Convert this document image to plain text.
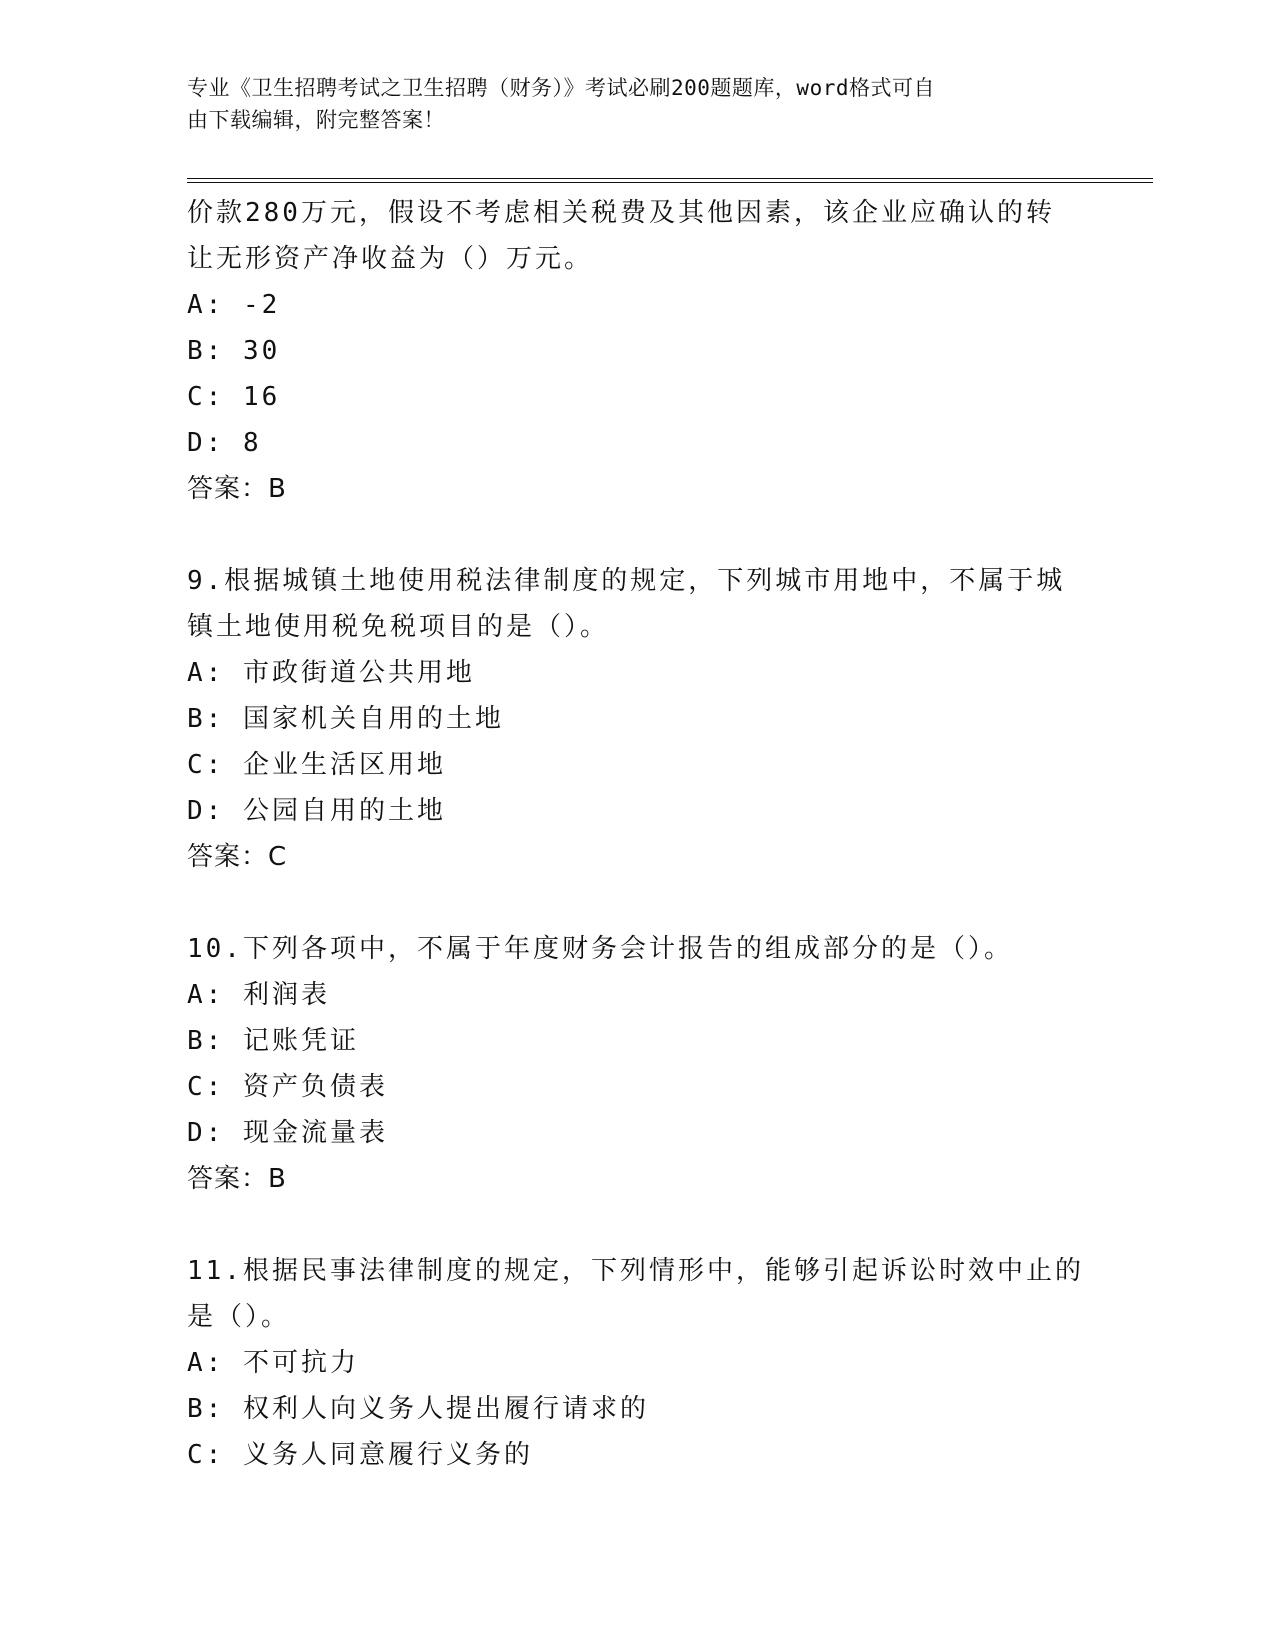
专业《卫生招聘考试之卫生招聘（财务）》考试必刷200题题库，word格式可自
由下载编辑，附完整答案！
价款280万元，假设不考虑相关税费及其他因素，该企业应确认的转
让无形资产净收益为（）万元。
A: -2
B: 30
C: 16
D: 8
答案：B
9.根据城镇土地使用税法律制度的规定，下列城市用地中，不属于城
镇土地使用税免税项目的是（）。
A: 市政街道公共用地
B: 国家机关自用的土地
C: 企业生活区用地
D: 公园自用的土地
答案：C
10.下列各项中，不属于年度财务会计报告的组成部分的是（）。
A: 利润表
B: 记账凭证
C: 资产负债表
D: 现金流量表
答案：B
11.根据民事法律制度的规定，下列情形中，能够引起诉讼时效中止的
是（）。
A: 不可抗力
B: 权利人向义务人提出履行请求的
C: 义务人同意履行义务的
